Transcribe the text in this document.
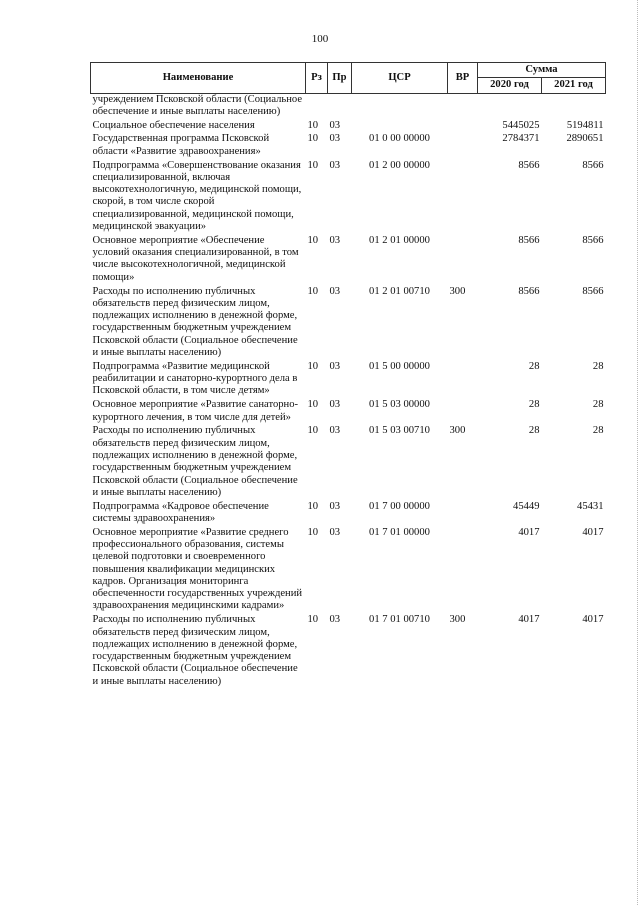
100
Наименование	Рз	Пр	ЦСР	ВР	Сумма	
					2020 год	2021 год
учреждением Псковской области (Социальное обеспечение и иные выплаты населению)						
Социальное обеспечение населения	10	03			5445025	5194811
Государственная программа Псковской области «Развитие здравоохранения»	10	03	01 0 00 00000		2784371	2890651
Подпрограмма «Совершенствование оказания специализированной, включая высокотехнологичную, медицинской помощи, скорой, в том числе скорой специализированной, медицинской помощи, медицинской эвакуации»	10	03	01 2 00 00000		8566	8566
Основное мероприятие «Обеспечение условий оказания специализированной, в том числе высокотехнологичной, медицинской помощи»	10	03	01 2 01 00000		8566	8566
Расходы по исполнению публичных обязательств перед физическим лицом, подлежащих исполнению в денежной форме, государственным бюджетным учреждением Псковской области (Социальное обеспечение и иные выплаты населению)	10	03	01 2 01 00710	300	8566	8566
Подпрограмма «Развитие медицинской реабилитации и санаторно-курортного дела в Псковской области, в том числе детям»	10	03	01 5 00 00000		28	28
Основное мероприятие «Развитие санаторно-курортного лечения, в том числе для детей»	10	03	01 5 03 00000		28	28
Расходы по исполнению публичных обязательств перед физическим лицом, подлежащих исполнению в денежной форме, государственным бюджетным учреждением Псковской области (Социальное обеспечение и иные выплаты населению)	10	03	01 5 03 00710	300	28	28
Подпрограмма «Кадровое обеспечение системы здравоохранения»	10	03	01 7 00 00000		45449	45431
Основное мероприятие «Развитие среднего профессионального образования, системы целевой подготовки и своевременного повышения квалификации медицинских кадров. Организация мониторинга обеспеченности государственных учреждений здравоохранения медицинскими кадрами»	10	03	01 7 01 00000		4017	4017
Расходы по исполнению публичных обязательств перед физическим лицом, подлежащих исполнению в денежной форме, государственным бюджетным учреждением Псковской области (Социальное обеспечение и иные выплаты населению)	10	03	01 7 01 00710	300	4017	4017
